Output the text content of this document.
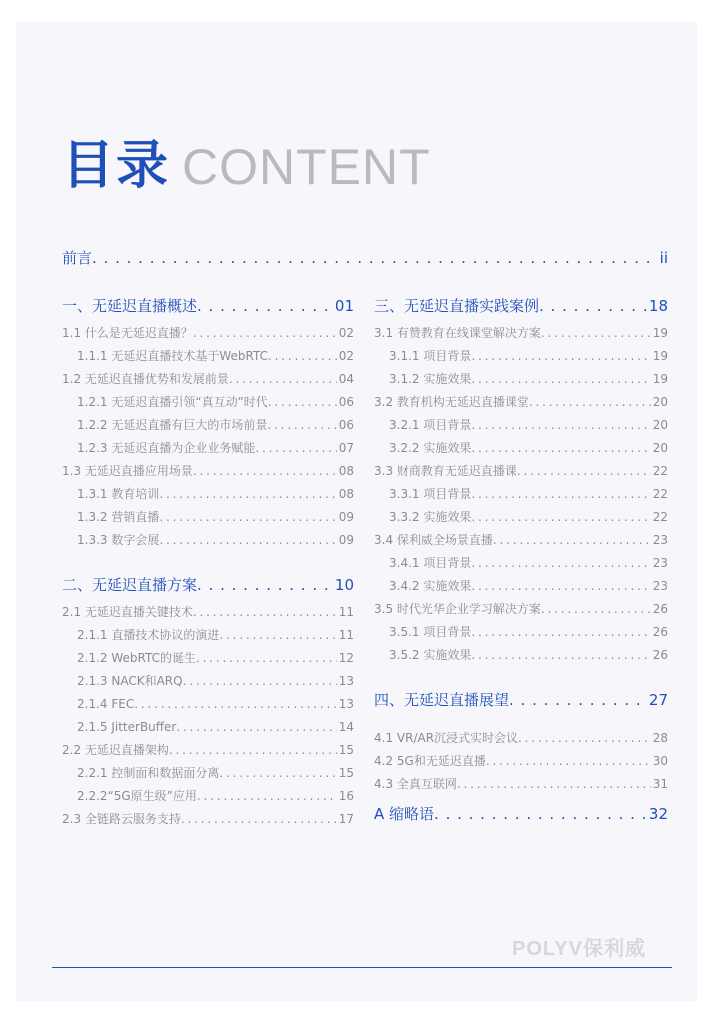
目录 CONTENT
前言 . . .	ii
一、无延迟直播概述 . . .	01
二、无延迟直播方案 . . .	10
三、无延迟直播实践案例 . . .	18
四、无延迟直播展望 . . .	27
A 缩略语 . . .	32
1.1 什么是无延迟直播？ . . .	02
1.1.1 无延迟直播技术基于WebRTC . . .	02
1.2 无延迟直播优势和发展前景 . . .	04
1.2.1 无延迟直播引领“真互动”时代 . . .	06
1.2.2 无延迟直播有巨大的市场前景 . . .	06
1.2.3 无延迟直播为企业业务赋能 . . .	07
1.3 无延迟直播应用场景 . . .	08
1.3.1 教育培训 . . .	08
1.3.2 营销直播 . . .	09
1.3.3 数字会展 . . .	09
2.1 无延迟直播关键技术 . . .	11
2.1.1 直播技术协议的演进 . . .	11
2.1.2 WebRTC的诞生 . . .	12
2.1.3 NACK和ARQ . . .	13
2.1.4 FEC . . .	13
2.1.5 JitterBuffer . . .	14
2.2 无延迟直播架构 . . .	15
2.2.1 控制面和数据面分离 . . .	15
2.2.2“5G原生级”应用 . . .	16
2.3 全链路云服务支持 . . .	17
3.1 有赞教育在线课堂解决方案 . . .	19
3.1.1 项目背景 . . .	19
3.1.2 实施效果 . . .	19
3.2 教育机构无延迟直播课堂 . . .	20
3.2.1 项目背景 . . .	20
3.2.2 实施效果 . . .	20
3.3 财商教育无延迟直播课 . . .	22
3.3.1 项目背景 . . .	22
3.3.2 实施效果 . . .	22
3.4 保利威全场景直播 . . .	23
3.4.1 项目背景 . . .	23
3.4.2 实施效果 . . .	23
3.5 时代光华企业学习解决方案 . . .	26
3.5.1 项目背景 . . .	26
3.5.2 实施效果 . . .	26
4.1 VR/AR沉浸式实时会议 . . .	28
4.2 5G和无延迟直播 . . .	30
4.3 全真互联网 . . .	31
POLYV保利威
